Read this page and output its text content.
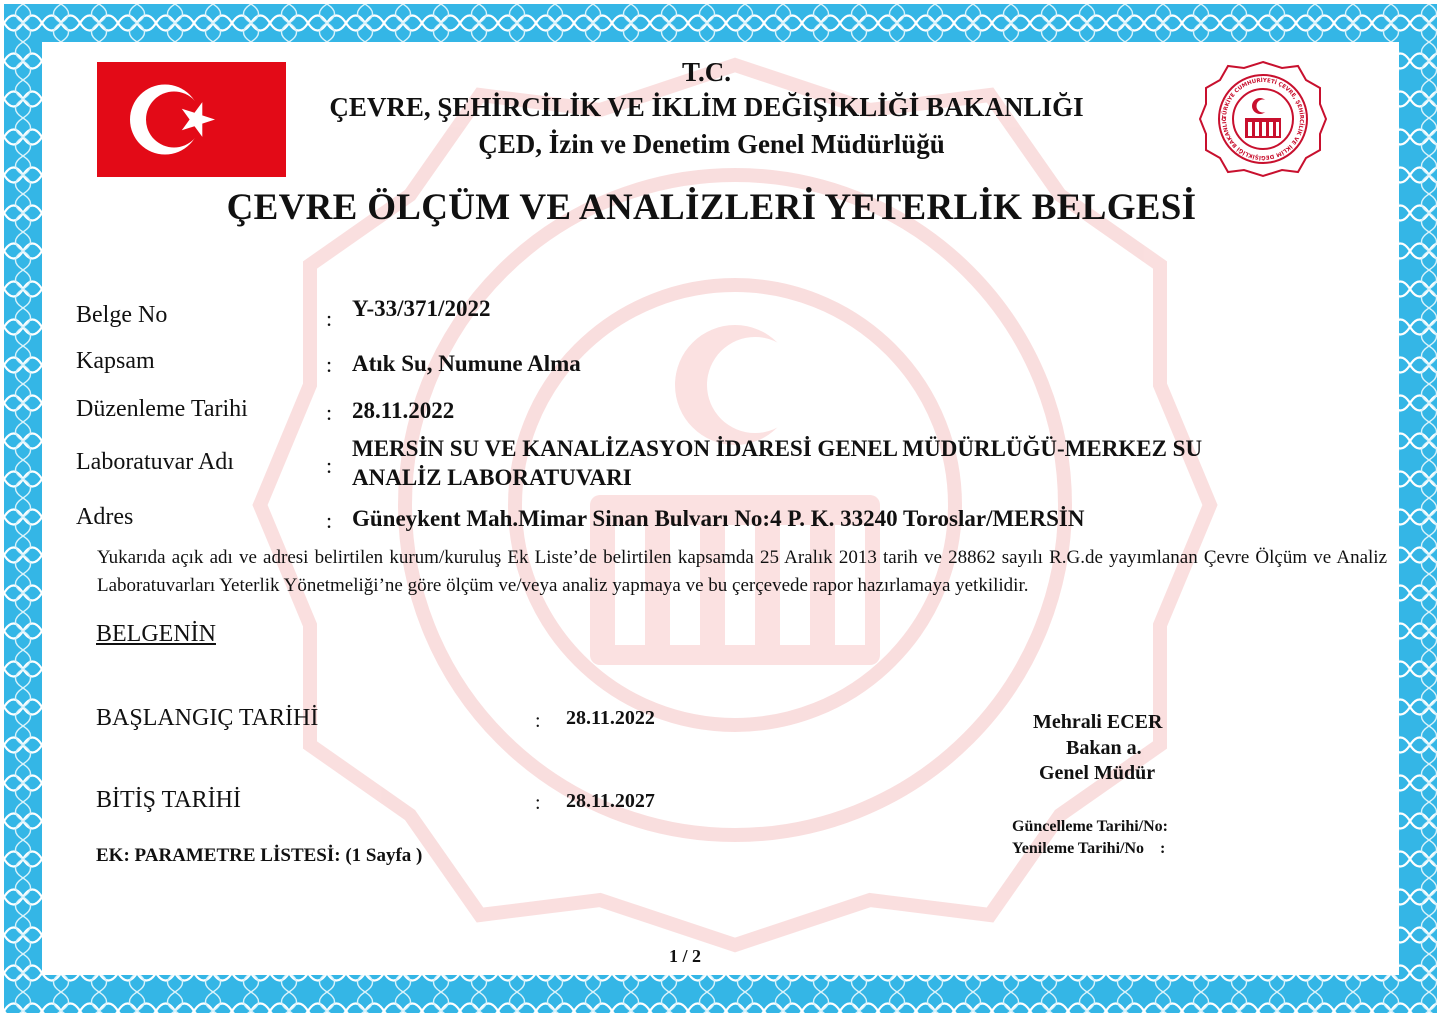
TÜRKİYE CUMHURİYETİ ÇEVRE, ŞEHİRCİLİK VE İKLİM DEĞİŞİKLİĞİ BAKANLIĞ
T.C.
ÇEVRE, ŞEHİRCİLİK VE İKLİM DEĞİŞİKLİĞİ BAKANLIĞI
ÇED, İzin ve Denetim Genel Müdürlüğü
ÇEVRE ÖLÇÜM VE ANALİZLERİ YETERLİK BELGESİ
Belge No	: Y-33/371/2022
Kapsam	: Atık Su, Numune Alma
Düzenleme Tarihi	: 28.11.2022
Laboratuvar Adı	:
MERSİN SU VE KANALİZASYON İDARESİ GENEL MÜDÜRLÜĞÜ-MERKEZ SU
ANALİZ LABORATUVARI
Adres	: Güneykent Mah.Mimar Sinan Bulvarı No:4 P. K. 33240 Toroslar/MERSİN
Yukarıda açık adı ve adresi belirtilen kurum/kuruluş Ek Liste’de belirtilen kapsamda 25 Aralık 2013 tarih ve 28862 sayılı R.G.de yayımlanan Çevre Ölçüm ve Analiz Laboratuvarları Yeterlik Yönetmeliği’ne göre ölçüm ve/veya analiz yapmaya ve bu çerçevede rapor hazırlamaya yetkilidir.
BELGENİN
BAŞLANGIÇ TARİHİ	: 28.11.2022
BİTİŞ TARİHİ	: 28.11.2027
EK: PARAMETRE LİSTESİ: (1 Sayfa )
Mehrali ECER
Bakan a.
Genel Müdür
Güncelleme Tarihi/No:
Yenileme Tarihi/No    :
1 / 2
